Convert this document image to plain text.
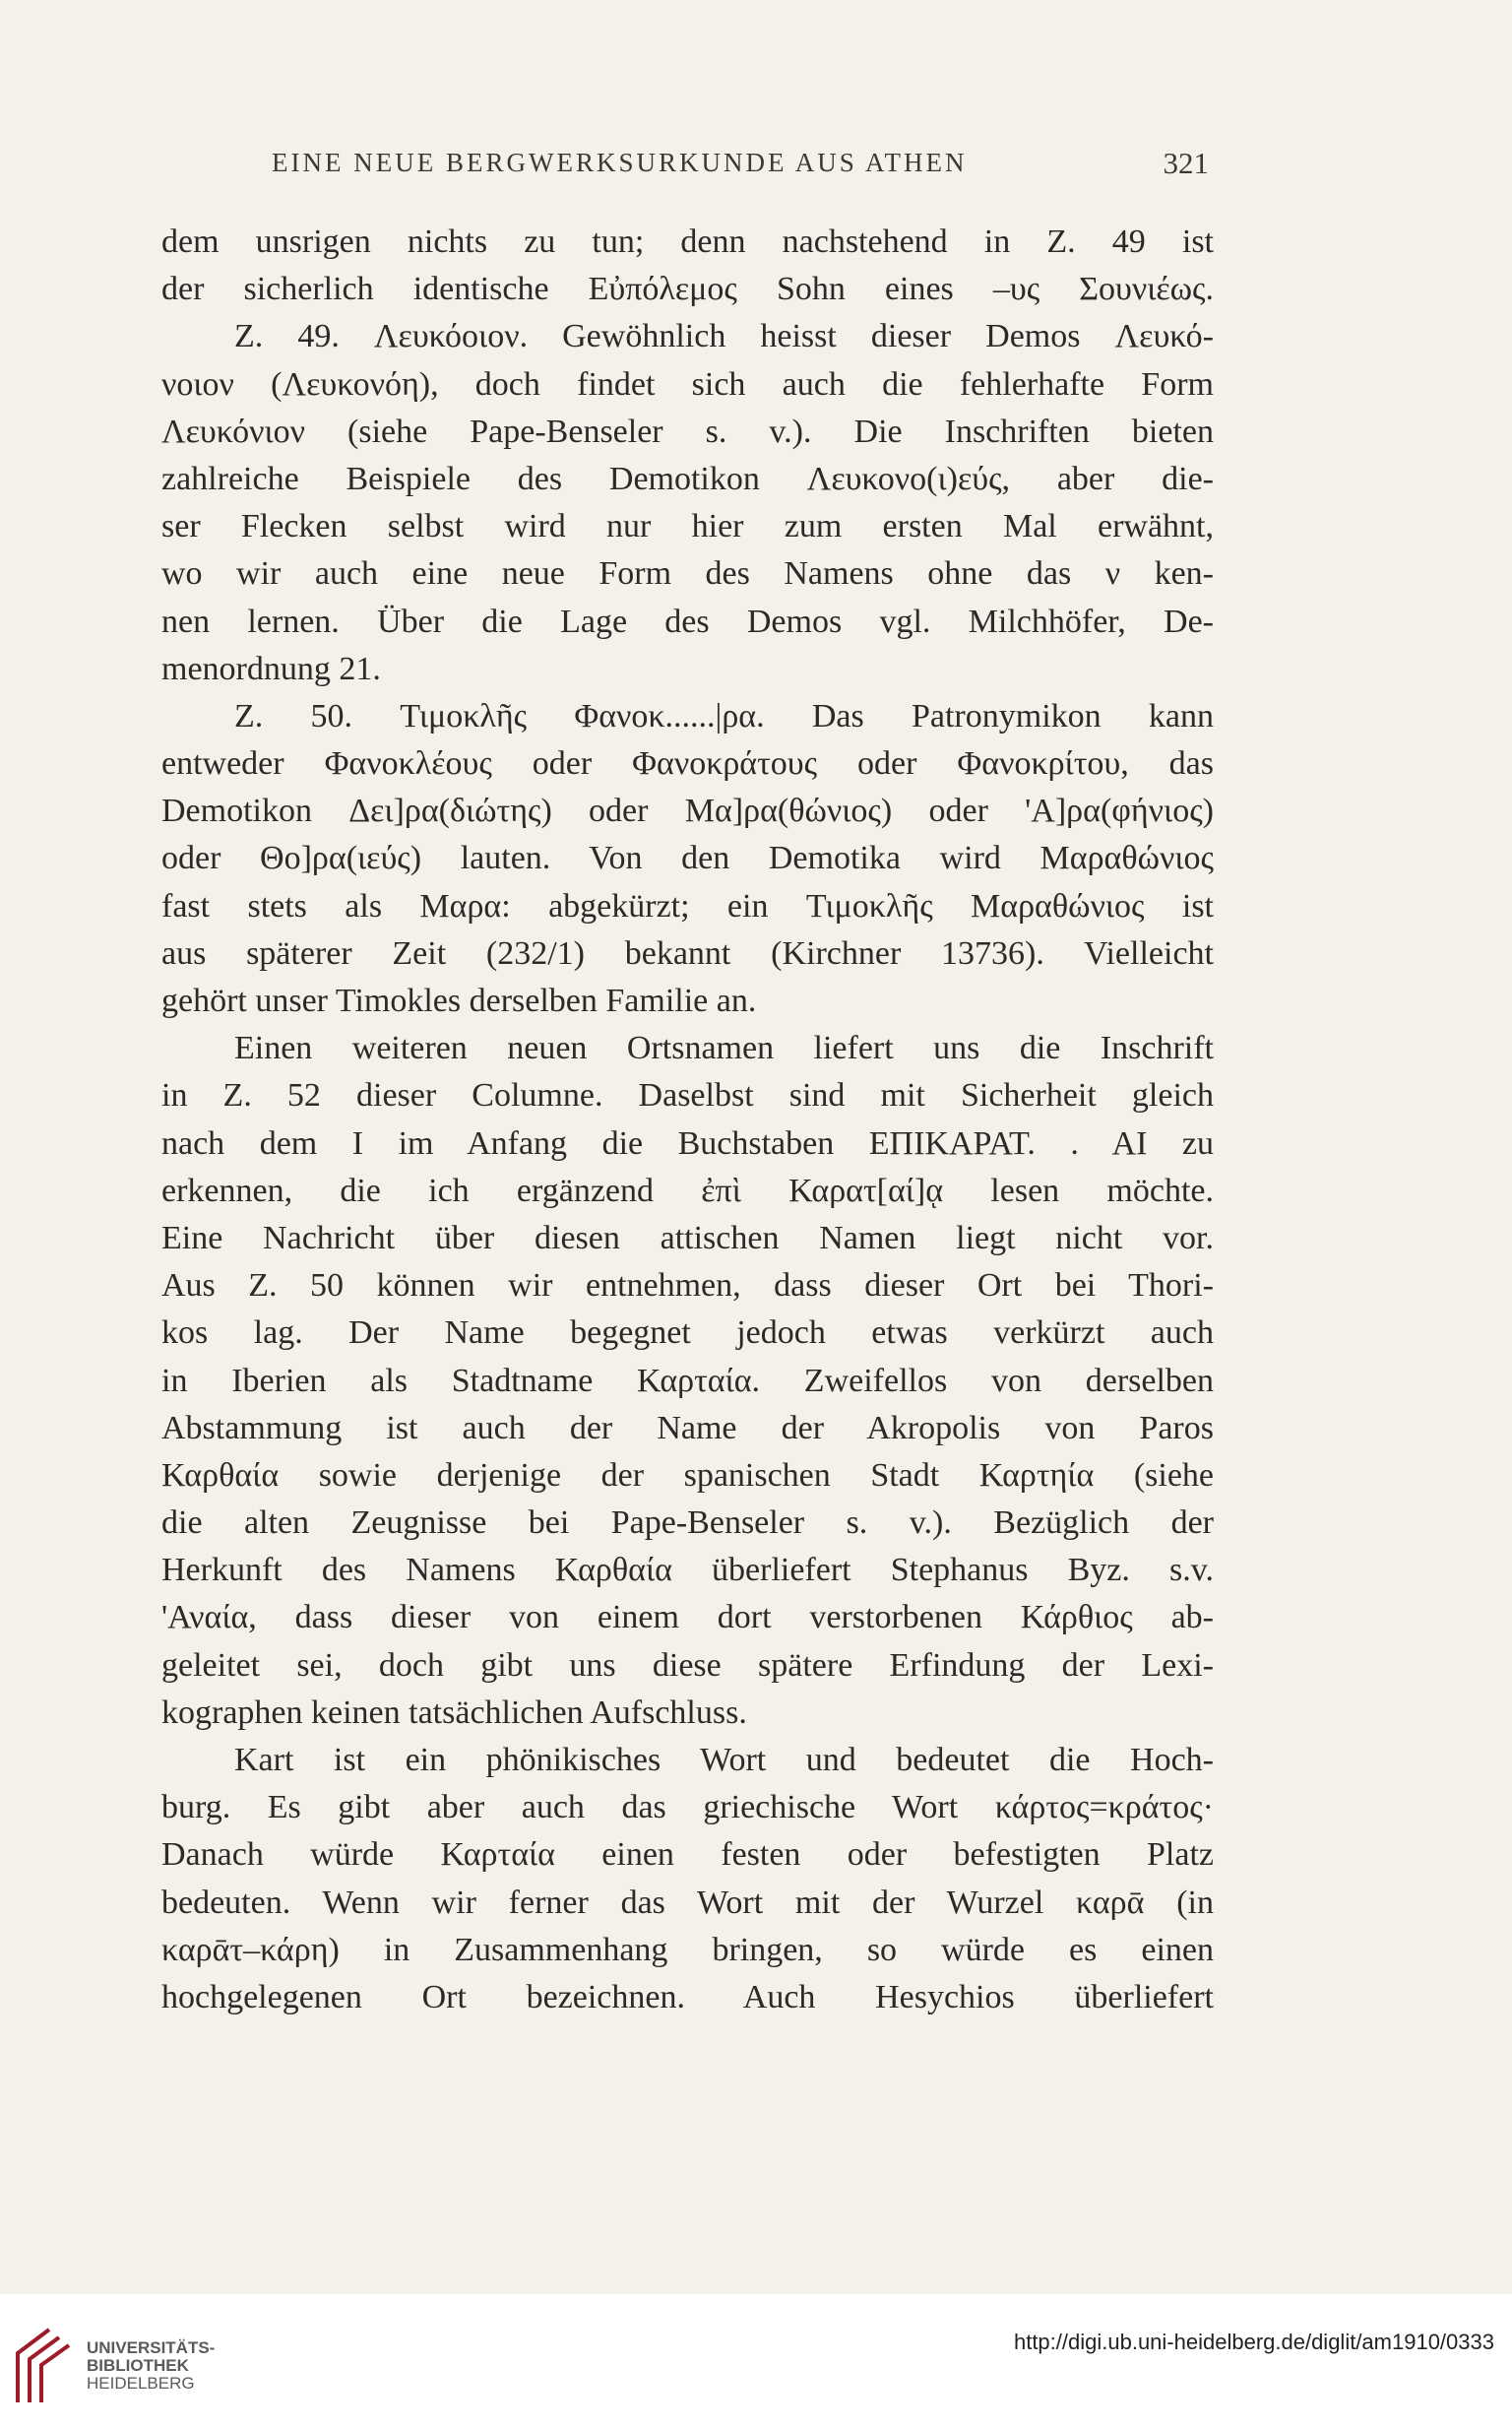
EINE NEUE BERGWERKSURKUNDE AUS ATHEN	321
dem unsrigen nichts zu tun; denn nachstehend in Z. 49 ist
der sicherlich identische Εὐπόλεμος Sohn eines –υς Σουνιέως.
Z. 49. Λευκόοιον. Gewöhnlich heisst dieser Demos Λευκό-
νοιον (Λευκονόη), doch findet sich auch die fehlerhafte Form
Λευκόνιον (siehe Pape-Benseler s. v.). Die Inschriften bieten
zahlreiche Beispiele des Demotikon Λευκονο(ι)εύς, aber die-
ser Flecken selbst wird nur hier zum ersten Mal erwähnt,
wo wir auch eine neue Form des Namens ohne das ν ken-
nen lernen. Über die Lage des Demos vgl. Milchhöfer, De-
menordnung 21.
Z. 50. Τιμοκλῆς Φανοκ......|ρα. Das Patronymikon kann
entweder Φανοκλέους oder Φανοκράτους oder Φανοκρίτου, das
Demotikon Δει]ρα(διώτης) oder Μα]ρα(θώνιος) oder 'Α]ρα(φήνιος)
oder Θο]ρα(ιεύς) lauten. Von den Demotika wird Μαραθώνιος
fast stets als Μαρα: abgekürzt; ein Τιμοκλῆς Μαραθώνιος ist
aus späterer Zeit (232/1) bekannt (Kirchner 13736). Vielleicht
gehört unser Timokles derselben Familie an.
Einen weiteren neuen Ortsnamen liefert uns die Inschrift
in Z. 52 dieser Columne. Daselbst sind mit Sicherheit gleich
nach dem I im Anfang die Buchstaben ΕΠΙΚΑΡΑΤ. . ΑΙ zu
erkennen, die ich ergänzend ἐπὶ Καρατ[αί]ᾳ lesen möchte.
Eine Nachricht über diesen attischen Namen liegt nicht vor.
Aus Z. 50 können wir entnehmen, dass dieser Ort bei Thori-
kos lag. Der Name begegnet jedoch etwas verkürzt auch
in Iberien als Stadtname Καρταία. Zweifellos von derselben
Abstammung ist auch der Name der Akropolis von Paros
Καρθαία sowie derjenige der spanischen Stadt Καρτηία (siehe
die alten Zeugnisse bei Pape-Benseler s. v.). Bezüglich der
Herkunft des Namens Καρθαία überliefert Stephanus Byz. s.v.
'Αναία, dass dieser von einem dort verstorbenen Κάρθιος ab-
geleitet sei, doch gibt uns diese spätere Erfindung der Lexi-
kographen keinen tatsächlichen Aufschluss.
Kart ist ein phönikisches Wort und bedeutet die Hoch-
burg. Es gibt aber auch das griechische Wort κάρτος=κράτος·
Danach würde Καρταία einen festen oder befestigten Platz
bedeuten. Wenn wir ferner das Wort mit der Wurzel καρᾱ (in
καρᾱτ–κάρη) in Zusammenhang bringen, so würde es einen
hochgelegenen Ort bezeichnen. Auch Hesychios überliefert
UNIVERSITÄTS-
BIBLIOTHEK
HEIDELBERG
http://digi.ub.uni-heidelberg.de/diglit/am1910/0333
